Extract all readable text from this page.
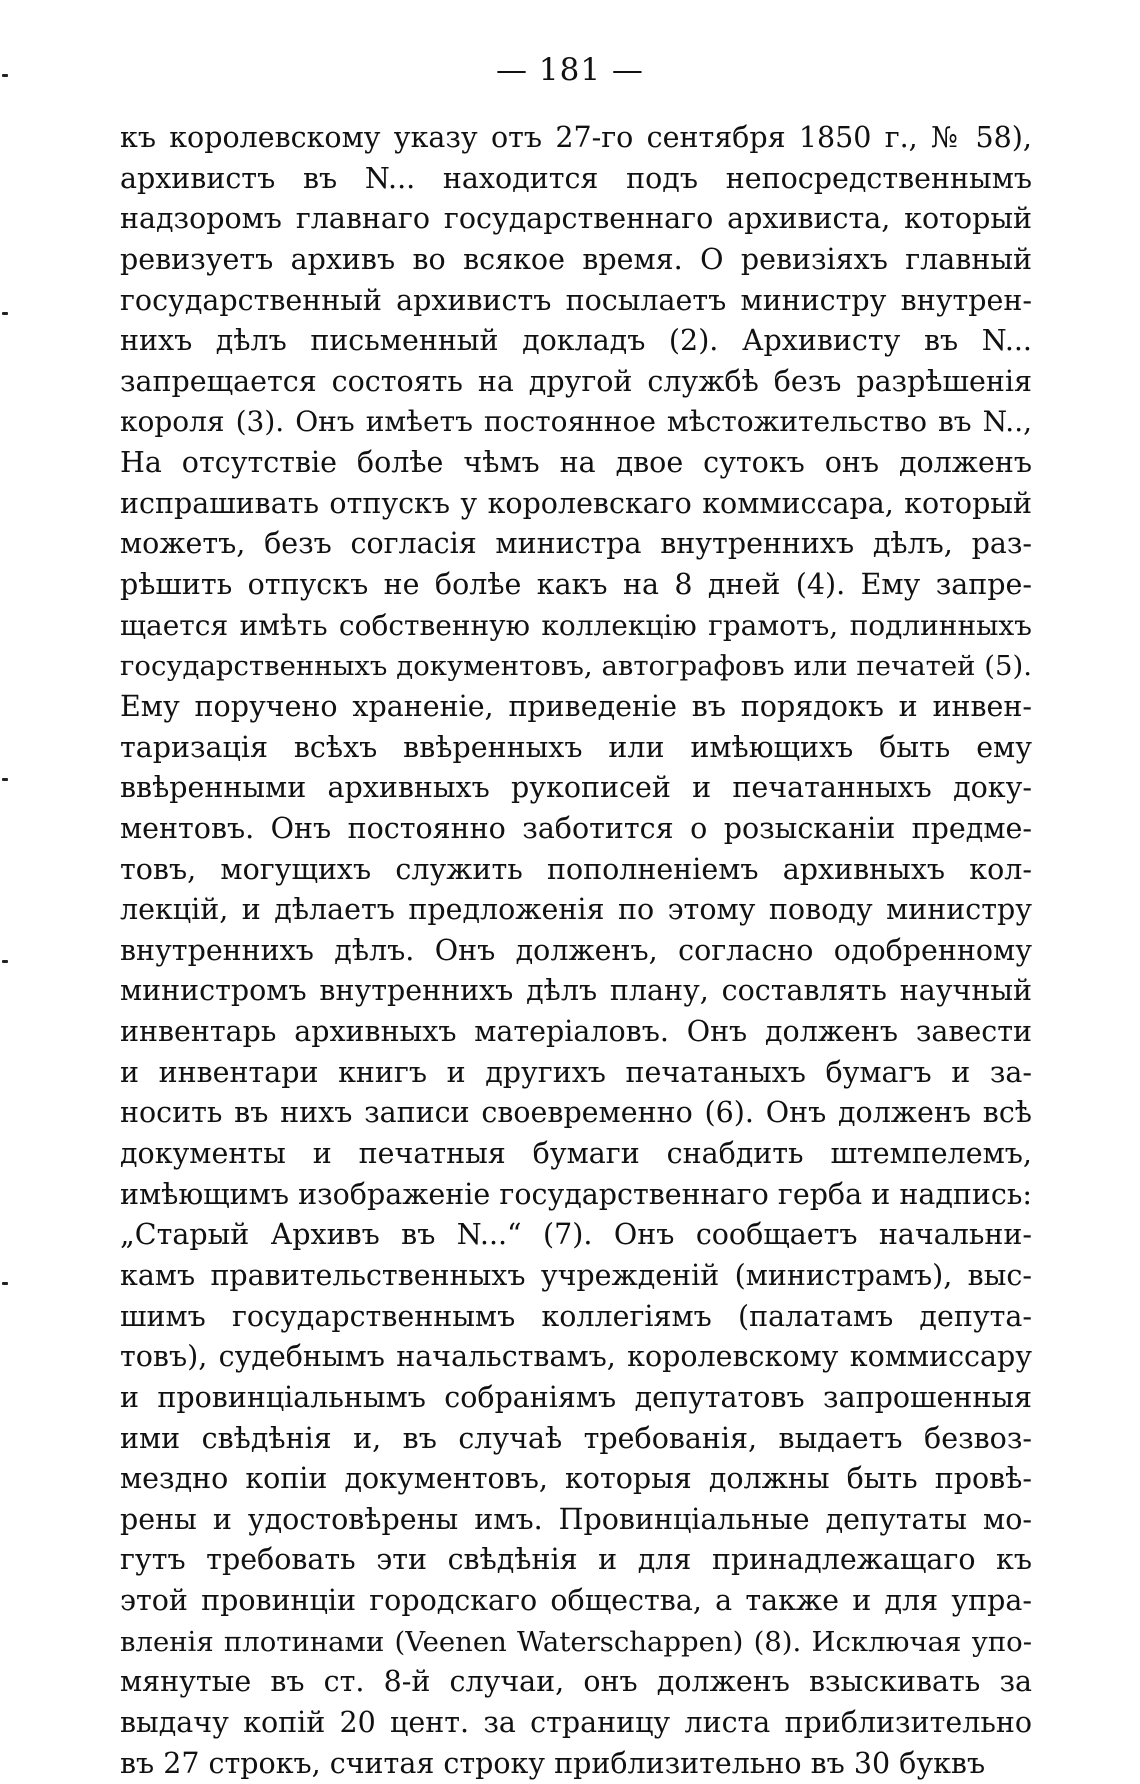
— 181 —
къ королевскому указу отъ 27-го сентября 1850 г., № 58),
архивистъ въ N... находится подъ непосредственнымъ
надзоромъ главнаго государственнаго архивиста, который
ревизуетъ архивъ во всякое время. О ревизіяхъ главный
государственный архивистъ посылаетъ министру внутрен-
нихъ дѣлъ письменный докладъ (2). Архивисту въ N...
запрещается состоять на другой службѣ безъ разрѣшенія
короля (3). Онъ имѣетъ постоянное мѣстожительство въ N..,
На отсутствіе болѣе чѣмъ на двое сутокъ онъ долженъ
испрашивать отпускъ у королевскаго коммиссара, который
можетъ, безъ согласія министра внутреннихъ дѣлъ, раз-
рѣшить отпускъ не болѣе какъ на 8 дней (4). Ему запре-
щается имѣть собственную коллекцію грамотъ, подлинныхъ
государственныхъ документовъ, автографовъ или печатей (5).
Ему поручено храненіе, приведеніе въ порядокъ и инвен-
таризація всѣхъ ввѣренныхъ или имѣющихъ быть ему
ввѣренными архивныхъ рукописей и печатанныхъ доку-
ментовъ. Онъ постоянно заботится о розысканіи предме-
товъ, могущихъ служить пополненіемъ архивныхъ кол-
лекцій, и дѣлаетъ предложенія по этому поводу министру
внутреннихъ дѣлъ. Онъ долженъ, согласно одобренному
министромъ внутреннихъ дѣлъ плану, составлять научный
инвентарь архивныхъ матеріаловъ. Онъ долженъ завести
и инвентари книгъ и другихъ печатаныхъ бумагъ и за-
носить въ нихъ записи своевременно (6). Онъ долженъ всѣ
документы и печатныя бумаги снабдить штемпелемъ,
имѣющимъ изображеніе государственнаго герба и надпись:
„Старый Архивъ въ N...“ (7). Онъ сообщаетъ начальни-
камъ правительственныхъ учрежденій (министрамъ), выс-
шимъ государственнымъ коллегіямъ (палатамъ депута-
товъ), судебнымъ начальствамъ, королевскому коммиссару
и провинціальнымъ собраніямъ депутатовъ запрошенныя
ими свѣдѣнія и, въ случаѣ требованія, выдаетъ безвоз-
мездно копіи документовъ, которыя должны быть провѣ-
рены и удостовѣрены имъ. Провинціальные депутаты мо-
гутъ требовать эти свѣдѣнія и для принадлежащаго къ
этой провинціи городскаго общества, а также и для упра-
вленія плотинами (Veenen Waterschappen) (8). Исключая упо-
мянутые въ ст. 8-й случаи, онъ долженъ взыскивать за
выдачу копій 20 цент. за страницу листа приблизительно
въ 27 строкъ, считая строку приблизительно въ 30 буквъ
